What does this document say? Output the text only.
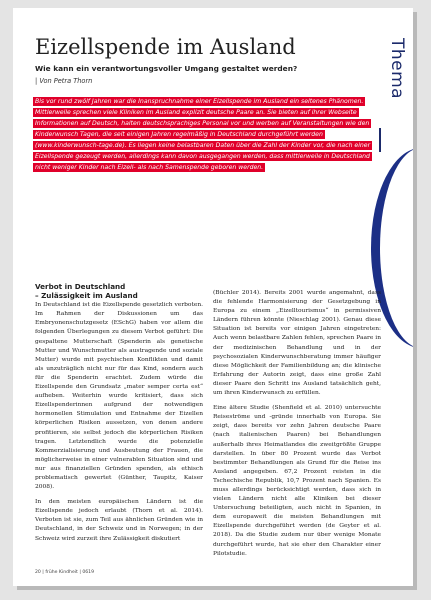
Thema
Eizellspende im Ausland
Wie kann ein verantwortungsvoller Umgang gestaltet werden?
| Von Petra Thorn
Bis vor rund zwölf Jahren war die Inanspruchnahme einer Eizellspende im Ausland ein seltenes Phänomen. Mittlerweile sprechen viele Kliniken im Ausland explizit deutsche Paare an. Sie bieten auf ihrer Webseite Informationen auf Deutsch, halten deutschsprachiges Personal vor und werben auf Veranstaltungen wie den Kinderwunsch Tagen, die seit einigen Jahren regelmäßig in Deutschland durchgeführt werden (www.kinderwunsch-tage.de). Es liegen keine belastbaren Daten über die Zahl der Kinder vor, die nach einer Eizellspende gezeugt werden, allerdings kann davon ausgegangen werden, dass mittlerweile in Deutschland nicht weniger Kinder nach Eizell- als nach Samenspende geboren werden.
Verbot in Deutschland
– Zulässigkeit im Ausland

In Deutschland ist die Eizellspende gesetzlich verboten. Im Rahmen der Diskussionen um das Embryonenschutzgesetz (ESchG) haben vor allem die folgenden Überlegungen zu diesem Verbot geführt: Die gespaltene Mutterschaft (Spenderin als genetische Mutter und Wunschmutter als austragende und soziale Mutter) wurde mit psychischen Konflikten und damit als unzuträglich nicht nur für das Kind, sondern auch für die Spenderin erachtet. Zudem würde die Eizellspende den Grundsatz „mater semper certa est“ aufheben. Weiterhin wurde kritisiert, dass sich Eizellspenderinnen aufgrund der notwendigen hormonellen Stimulation und Entnahme der Eizellen körperlichen Risiken aussetzen, von denen andere profitieren, sie selbst jedoch die körperlichen Risiken tragen. Letztendlich wurde die potenzielle Kommerzialisierung und Ausbeutung der Frauen, die möglicherweise in einer vulnerablen Situation sind und nur aus finanziellen Gründen spenden, als ethisch problematisch gewertet (Günther, Taupitz, Kaiser 2008).

In den meisten europäischen Ländern ist die Eizellspende jedoch erlaubt (Thorn et al. 2014). Verboten ist sie, zum Teil aus ähnlichen Gründen wie in Deutschland, in der Schweiz und in Norwegen; in der Schweiz wird zurzeit ihre Zulässigkeit diskutiert

(Büchler 2014). Bereits 2001 wurde angemahnt, dass die fehlende Harmonisierung der Gesetzgebung in Europa zu einem „Eizelltourismus“ in permissiven Ländern führen könnte (Nieschlag 2001). Genau diese Situation ist bereits vor einigen Jahren eingetreten: Auch wenn belastbare Zahlen fehlen, sprechen Paare in der medizinischen Behandlung und in der psychosozialen Kinderwunschberatung immer häufiger diese Möglichkeit der Familienbildung an; die klinische Erfahrung der Autorin zeigt, dass eine große Zahl dieser Paare den Schritt ins Ausland tatsächlich geht, um ihren Kinderwunsch zu erfüllen.

Eine ältere Studie (Shenfield et al. 2010) untersuchte Reiseströme und -gründe innerhalb von Europa. Sie zeigt, dass bereits vor zehn Jahren deutsche Paare (nach italienischen Paaren) bei Behandlungen außerhalb ihres Heimatlandes die zweitgrößte Gruppe darstellen. In über 80 Prozent wurde das Verbot bestimmter Behandlungen als Grund für die Reise ins Ausland angegeben. 67,2 Prozent reisten in die Tschechische Republik, 10,7 Prozent nach Spanien. Es muss allerdings berücksichtigt werden, dass sich in vielen Ländern nicht alle Kliniken bei dieser Untersuchung beteiligten, auch nicht in Spanien, in dem europaweit die meisten Behandlungen mit Eizellspende durchgeführt werden (de Geyter et al. 2018). Da die Studie zudem nur über wenige Monate durchgeführt wurde, hat sie eher den Charakter einer Pilotstudie.

20 | frühe Kindheit | 0619
